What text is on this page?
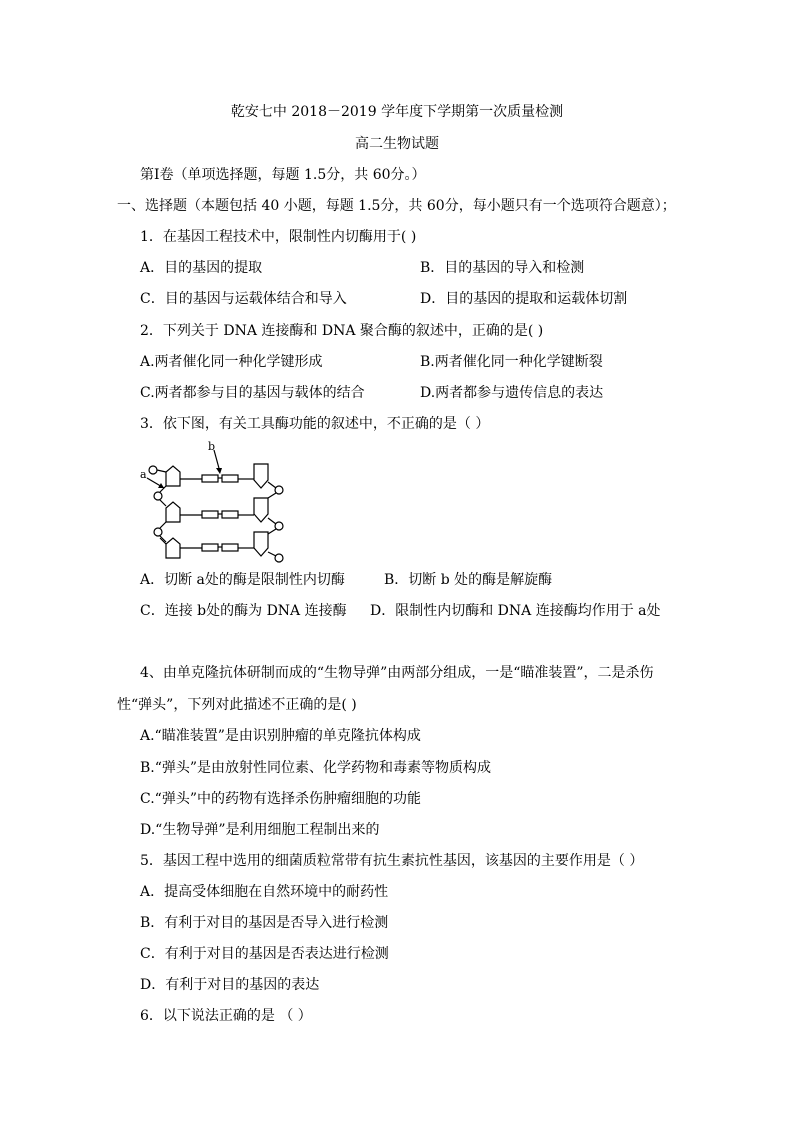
乾安七中 2018－2019 学年度下学期第一次质量检测
高二生物试题
第Ⅰ卷（单项选择题，每题 1.5分，共 60分。）
一、选择题（本题包括 40 小题，每题 1.5分，共 60分，每小题只有一个选项符合题意）；
1．在基因工程技术中，限制性内切酶用于( )
A．目的基因的提取	B．目的基因的导入和检测
C．目的基因与运载体结合和导入	D．目的基因的提取和运载体切割
2．下列关于 DNA 连接酶和 DNA 聚合酶的叙述中，正确的是( )
A.两者催化同一种化学键形成	B.两者催化同一种化学键断裂
C.两者都参与目的基因与载体的结合	D.两者都参与遗传信息的表达
3．依下图，有关工具酶功能的叙述中，不正确的是（ ）
a
b
A．切断 a处的酶是限制性内切酶	B．切断 b 处的酶是解旋酶
C．连接 b处的酶为 DNA 连接酶 D．限制性内切酶和 DNA 连接酶均作用于 a处
4、由单克隆抗体研制而成的“生物导弹”由两部分组成，一是“瞄准装置”，二是杀伤
性“弹头”，下列对此描述不正确的是( )
A.“瞄准装置”是由识别肿瘤的单克隆抗体构成
B.“弹头”是由放射性同位素、化学药物和毒素等物质构成
C.“弹头”中的药物有选择杀伤肿瘤细胞的功能
D.“生物导弹”是利用细胞工程制出来的
5．基因工程中选用的细菌质粒常带有抗生素抗性基因，该基因的主要作用是（ ）
A．提高受体细胞在自然环境中的耐药性
B．有利于对目的基因是否导入进行检测
C．有利于对目的基因是否表达进行检测
D．有利于对目的基因的表达
6．以下说法正确的是 （ ）
